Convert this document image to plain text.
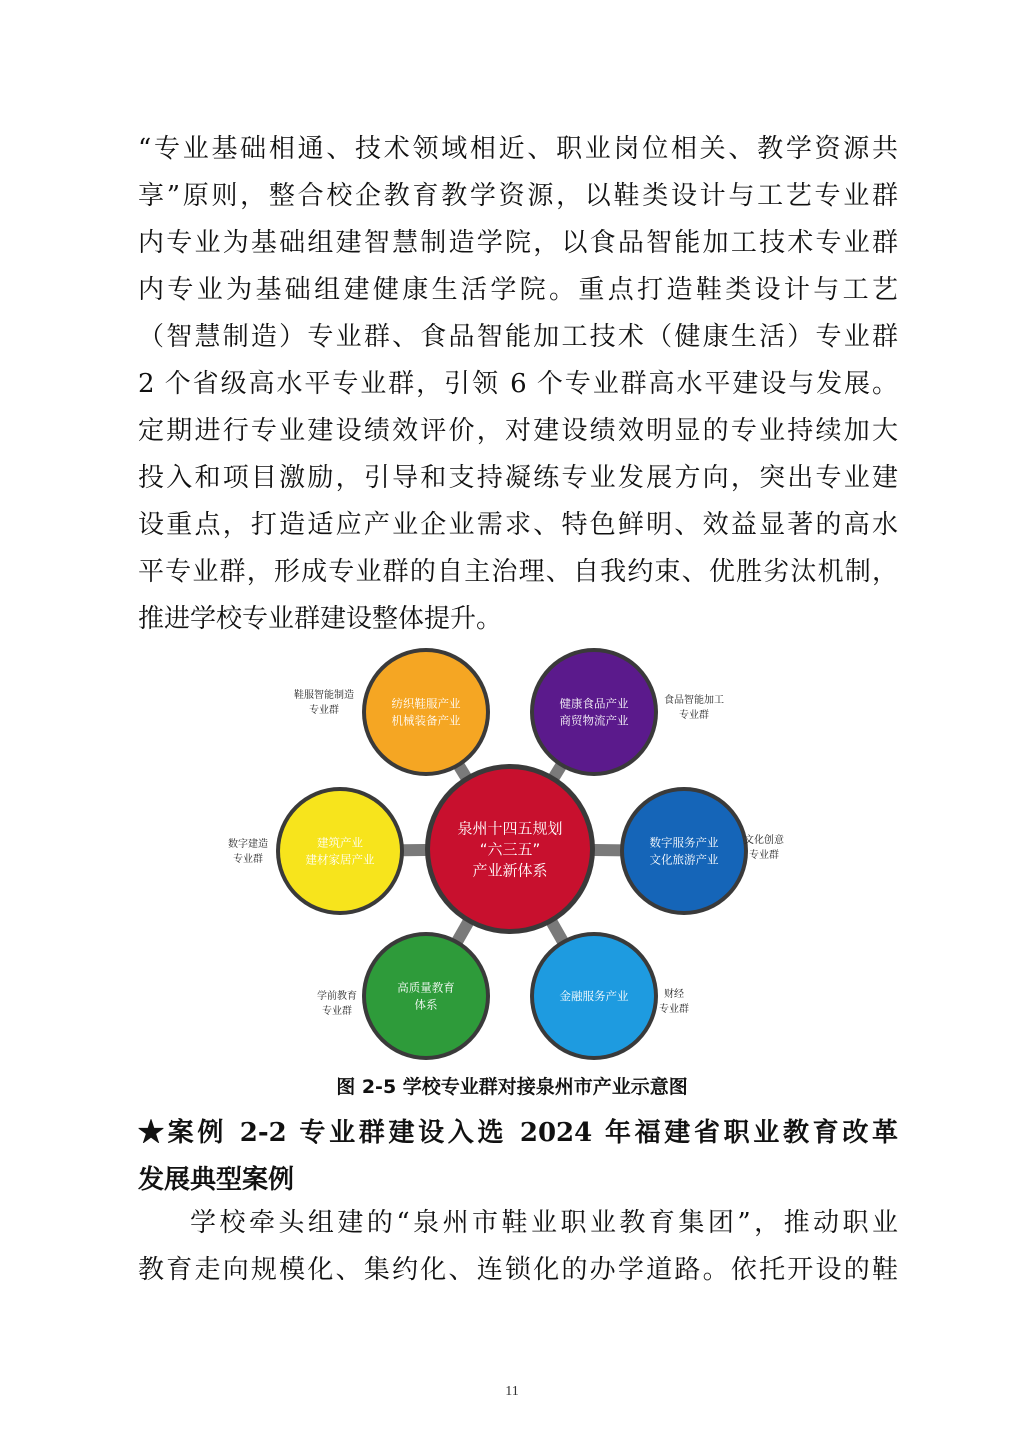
“专业基础相通、技术领域相近、职业岗位相关、教学资源共
享”原则，整合校企教育教学资源，以鞋类设计与工艺专业群
内专业为基础组建智慧制造学院，以食品智能加工技术专业群
内专业为基础组建健康生活学院。重点打造鞋类设计与工艺
（智慧制造）专业群、食品智能加工技术（健康生活）专业群
2 个省级高水平专业群，引领 6 个专业群高水平建设与发展。
定期进行专业建设绩效评价，对建设绩效明显的专业持续加大
投入和项目激励，引导和支持凝练专业发展方向，突出专业建
设重点，打造适应产业企业需求、特色鲜明、效益显著的高水
平专业群，形成专业群的自主治理、自我约束、优胜劣汰机制，
推进学校专业群建设整体提升。
纺织鞋服产业
机械装备产业
鞋服智能制造
专业群	健康食品产业
商贸物流产业
食品智能加工
专业群
数字服务产业
文化旅游产业
文化创意
专业群
金融服务产业	财经
专业群
高质量教育
体系
学前教育
专业群
建筑产业
建材家居产业
数字建造
专业群
泉州十四五规划
“六三五”
产业新体系
图 2-5 学校专业群对接泉州市产业示意图
★案例 2-2 专业群建设入选 2024 年福建省职业教育改革
发展典型案例
学校牵头组建的“泉州市鞋业职业教育集团”，推动职业
教育走向规模化、集约化、连锁化的办学道路。依托开设的鞋
11
